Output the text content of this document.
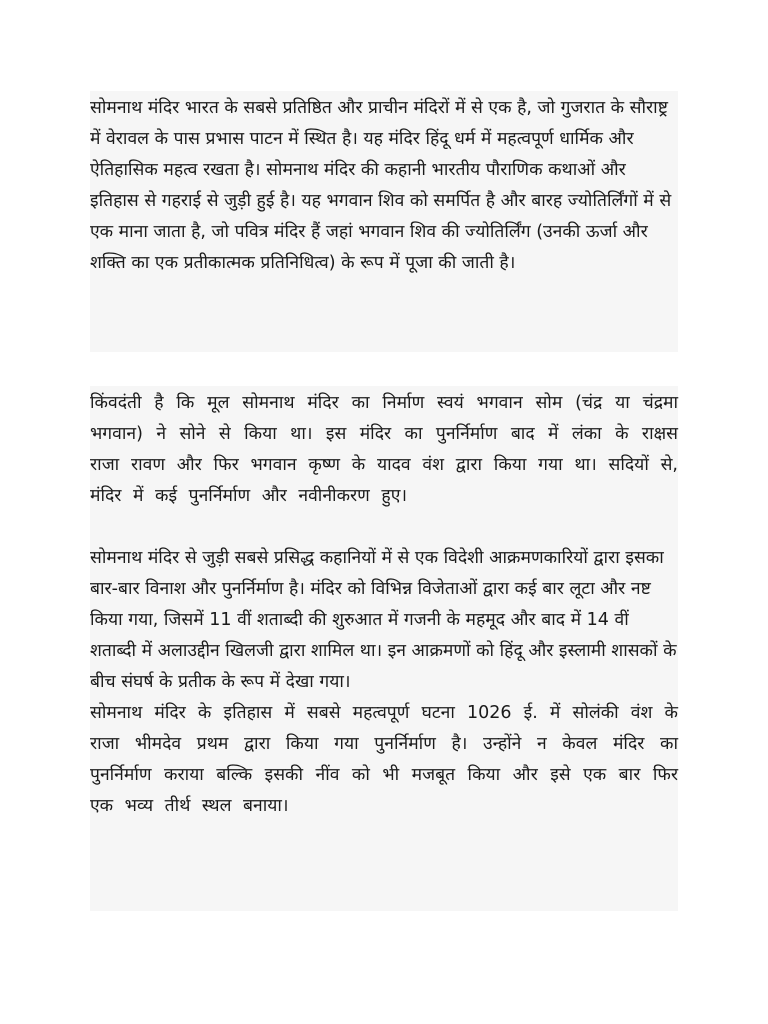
सोमनाथ मंदिर भारत के सबसे प्रतिष्ठित और प्राचीन मंदिरों में से एक है, जो गुजरात के सौराष्ट्र में वेरावल के पास प्रभास पाटन में स्थित है। यह मंदिर हिंदू धर्म में महत्वपूर्ण धार्मिक और ऐतिहासिक महत्व रखता है। सोमनाथ मंदिर की कहानी भारतीय पौराणिक कथाओं और इतिहास से गहराई से जुड़ी हुई है। यह भगवान शिव को समर्पित है और बारह ज्योतिर्लिंगों में से एक माना जाता है, जो पवित्र मंदिर हैं जहां भगवान शिव की ज्योतिर्लिंग (उनकी ऊर्जा और शक्ति का एक प्रतीकात्मक प्रतिनिधित्व) के रूप में पूजा की जाती है।

किंवदंती है कि मूल सोमनाथ मंदिर का निर्माण स्वयं भगवान सोम (चंद्र या चंद्रमा भगवान) ने सोने से किया था। इस मंदिर का पुनर्निर्माण बाद में लंका के राक्षस राजा रावण और फिर भगवान कृष्ण के यादव वंश द्वारा किया गया था। सदियों से, मंदिर में कई पुनर्निर्माण और नवीनीकरण हुए।

सोमनाथ मंदिर से जुड़ी सबसे प्रसिद्ध कहानियों में से एक विदेशी आक्रमणकारियों द्वारा इसका बार-बार विनाश और पुनर्निर्माण है। मंदिर को विभिन्न विजेताओं द्वारा कई बार लूटा और नष्ट किया गया, जिसमें 11 वीं शताब्दी की शुरुआत में गजनी के महमूद और बाद में 14 वीं शताब्दी में अलाउद्दीन खिलजी द्वारा शामिल था। इन आक्रमणों को हिंदू और इस्लामी शासकों के बीच संघर्ष के प्रतीक के रूप में देखा गया।

सोमनाथ मंदिर के इतिहास में सबसे महत्वपूर्ण घटना 1026 ई. में सोलंकी वंश के राजा भीमदेव प्रथम द्वारा किया गया पुनर्निर्माण है। उन्होंने न केवल मंदिर का पुनर्निर्माण कराया बल्कि इसकी नींव को भी मजबूत किया और इसे एक बार फिर एक भव्य तीर्थ स्थल बनाया।
